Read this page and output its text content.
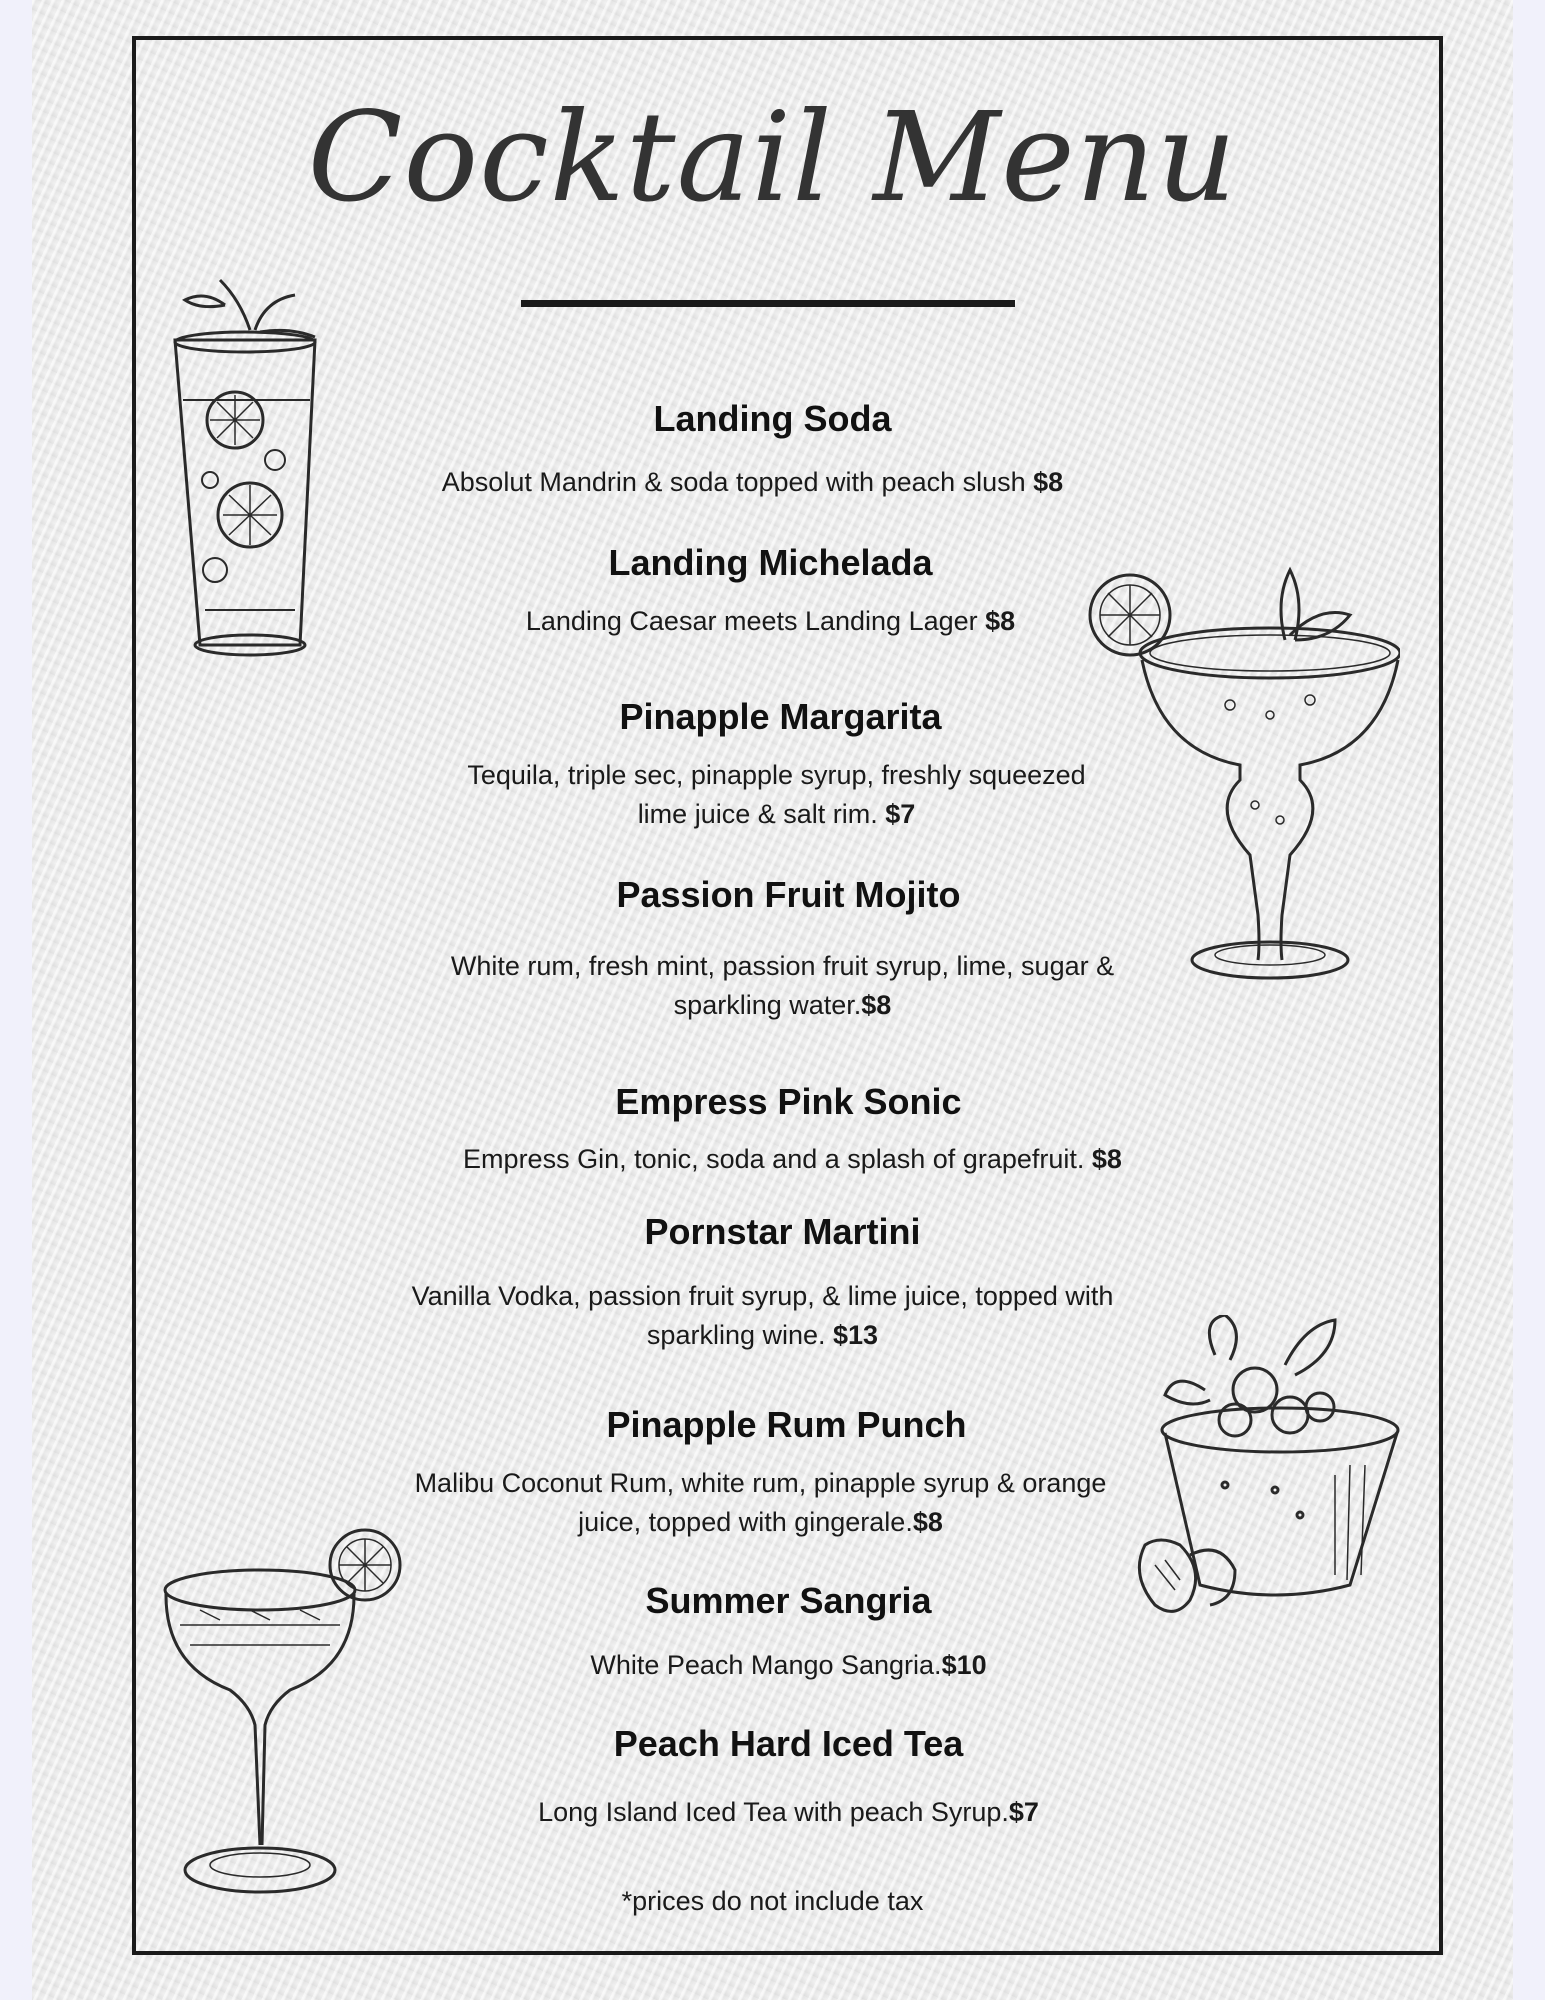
Cocktail Menu
Landing Soda
Absolut Mandrin & soda topped with peach slush $8
Landing Michelada
Landing Caesar meets Landing Lager $8
Pinapple Margarita
Tequila, triple sec, pinapple syrup, freshly squeezed
lime juice & salt rim. $7
Passion Fruit Mojito
White rum, fresh mint, passion fruit syrup, lime, sugar &
sparkling water.$8
Empress Pink Sonic
Empress Gin, tonic, soda and a splash of grapefruit. $8
Pornstar Martini
Vanilla Vodka, passion fruit syrup, & lime juice, topped with
sparkling wine. $13
Pinapple Rum Punch
Malibu Coconut Rum, white rum, pinapple syrup & orange
juice, topped with gingerale.$8
Summer Sangria
White Peach Mango Sangria.$10
Peach Hard Iced Tea
Long Island Iced Tea with peach Syrup.$7
*prices do not include tax
